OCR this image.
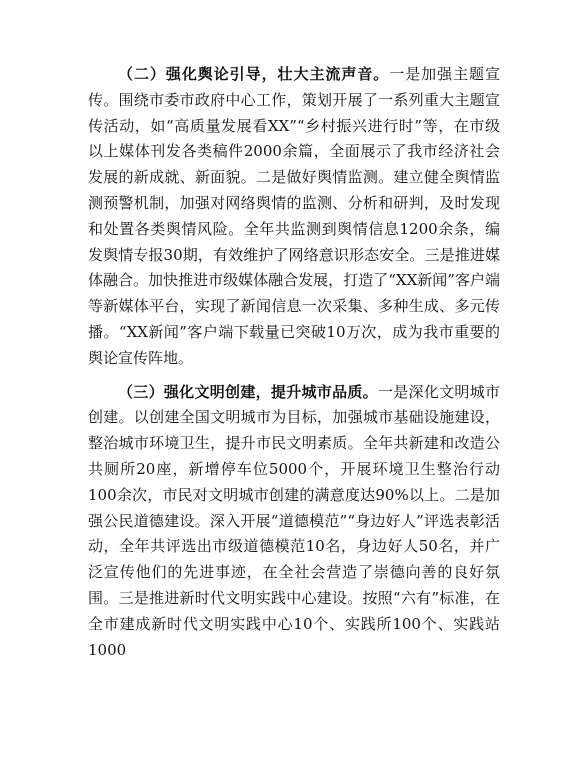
（二）强化舆论引导，壮大主流声音。一是加强主题宣传。围绕市委市政府中心工作，策划开展了一系列重大主题宣传活动，如“高质量发展看XX”“乡村振兴进行时”等，在市级以上媒体刊发各类稿件2000余篇，全面展示了我市经济社会发展的新成就、新面貌。二是做好舆情监测。建立健全舆情监测预警机制，加强对网络舆情的监测、分析和研判，及时发现和处置各类舆情风险。全年共监测到舆情信息1200余条，编发舆情专报30期，有效维护了网络意识形态安全。三是推进媒体融合。加快推进市级媒体融合发展，打造了“XX新闻”客户端等新媒体平台，实现了新闻信息一次采集、多种生成、多元传播。“XX新闻”客户端下载量已突破10万次，成为我市重要的舆论宣传阵地。

（三）强化文明创建，提升城市品质。一是深化文明城市创建。以创建全国文明城市为目标，加强城市基础设施建设，整治城市环境卫生，提升市民文明素质。全年共新建和改造公共厕所20座，新增停车位5000个，开展环境卫生整治行动100余次，市民对文明城市创建的满意度达90%以上。二是加强公民道德建设。深入开展“道德模范”“身边好人”评选表彰活动，全年共评选出市级道德模范10名，身边好人50名，并广泛宣传他们的先进事迹，在全社会营造了崇德向善的良好氛围。三是推进新时代文明实践中心建设。按照“六有”标准，在全市建成新时代文明实践中心10个、实践所100个、实践站1000
